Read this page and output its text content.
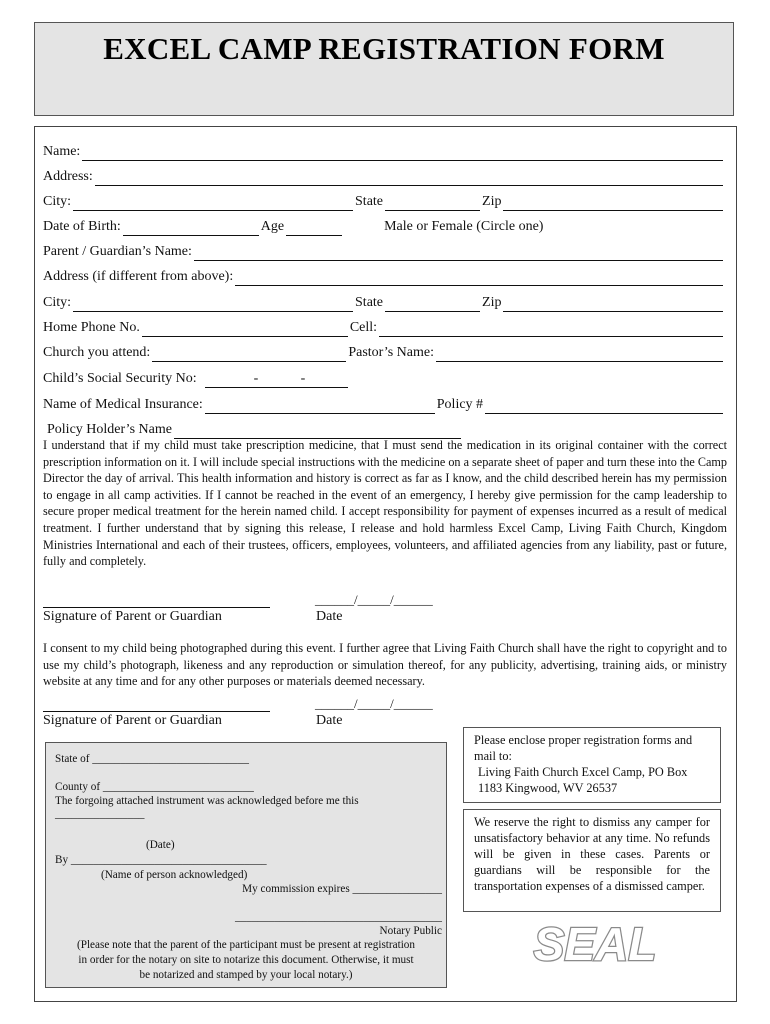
EXCEL CAMP REGISTRATION FORM
Name:
Address:
City:	State	Zip
Date of Birth:	Age	Male or Female (Circle one)
Parent / Guardian’s Name:
Address (if different from above):
City:	State	Zip
Home Phone No.	Cell:
Church you attend:	Pastor’s Name:
Child’s Social Security No:	-	-
Name of Medical Insurance:	Policy #
Policy Holder’s Name
I understand that if my child must take prescription medicine, that I must send the medication in its original container with the correct prescription information on it. I will include special instructions with the medicine on a separate sheet of paper and turn these into the Camp Director the day of arrival. This health information and history is correct as far as I know, and the child described herein has my permission to engage in all camp activities. If I cannot be reached in the event of an emergency, I hereby give permission for the camp leadership to secure proper medical treatment for the herein named child. I accept responsibility for payment of expenses incurred as a result of medical treatment. I further understand that by signing this release, I release and hold harmless Excel Camp, Living Faith Church, Kingdom Ministries International and each of their trustees, officers, employees, volunteers, and affiliated agencies from any liability, past or future, fully and completely.
Signature of Parent or Guardian
______/_____/______
Date
I consent to my child being photographed during this event. I further agree that Living Faith Church shall have the right to copyright and to use my child’s photograph, likeness and any reproduction or simulation thereof, for any publicity, advertising, training aids, or ministry website at any time and for any other purposes or materials deemed necessary.
Signature of Parent or Guardian
______/_____/______
Date
State of ____________________________
County of ___________________________
The forgoing attached instrument was acknowledged before me this
________________
(Date)
By ___________________________________
(Name of person acknowledged)
My commission expires ________________
_____________________________________
Notary Public
(Please note that the parent of the participant must be present at registration
in order for the notary on site to notarize this document. Otherwise, it must
be notarized and stamped by your local notary.)
Please enclose proper registration forms and mail to:
Living Faith Church Excel Camp, PO Box 1183 Kingwood, WV 26537
We reserve the right to dismiss any camper for unsatisfactory behavior at any time. No refunds will be given in these cases. Parents or guardians will be responsible for the transportation expenses of a dismissed camper.
SEAL
